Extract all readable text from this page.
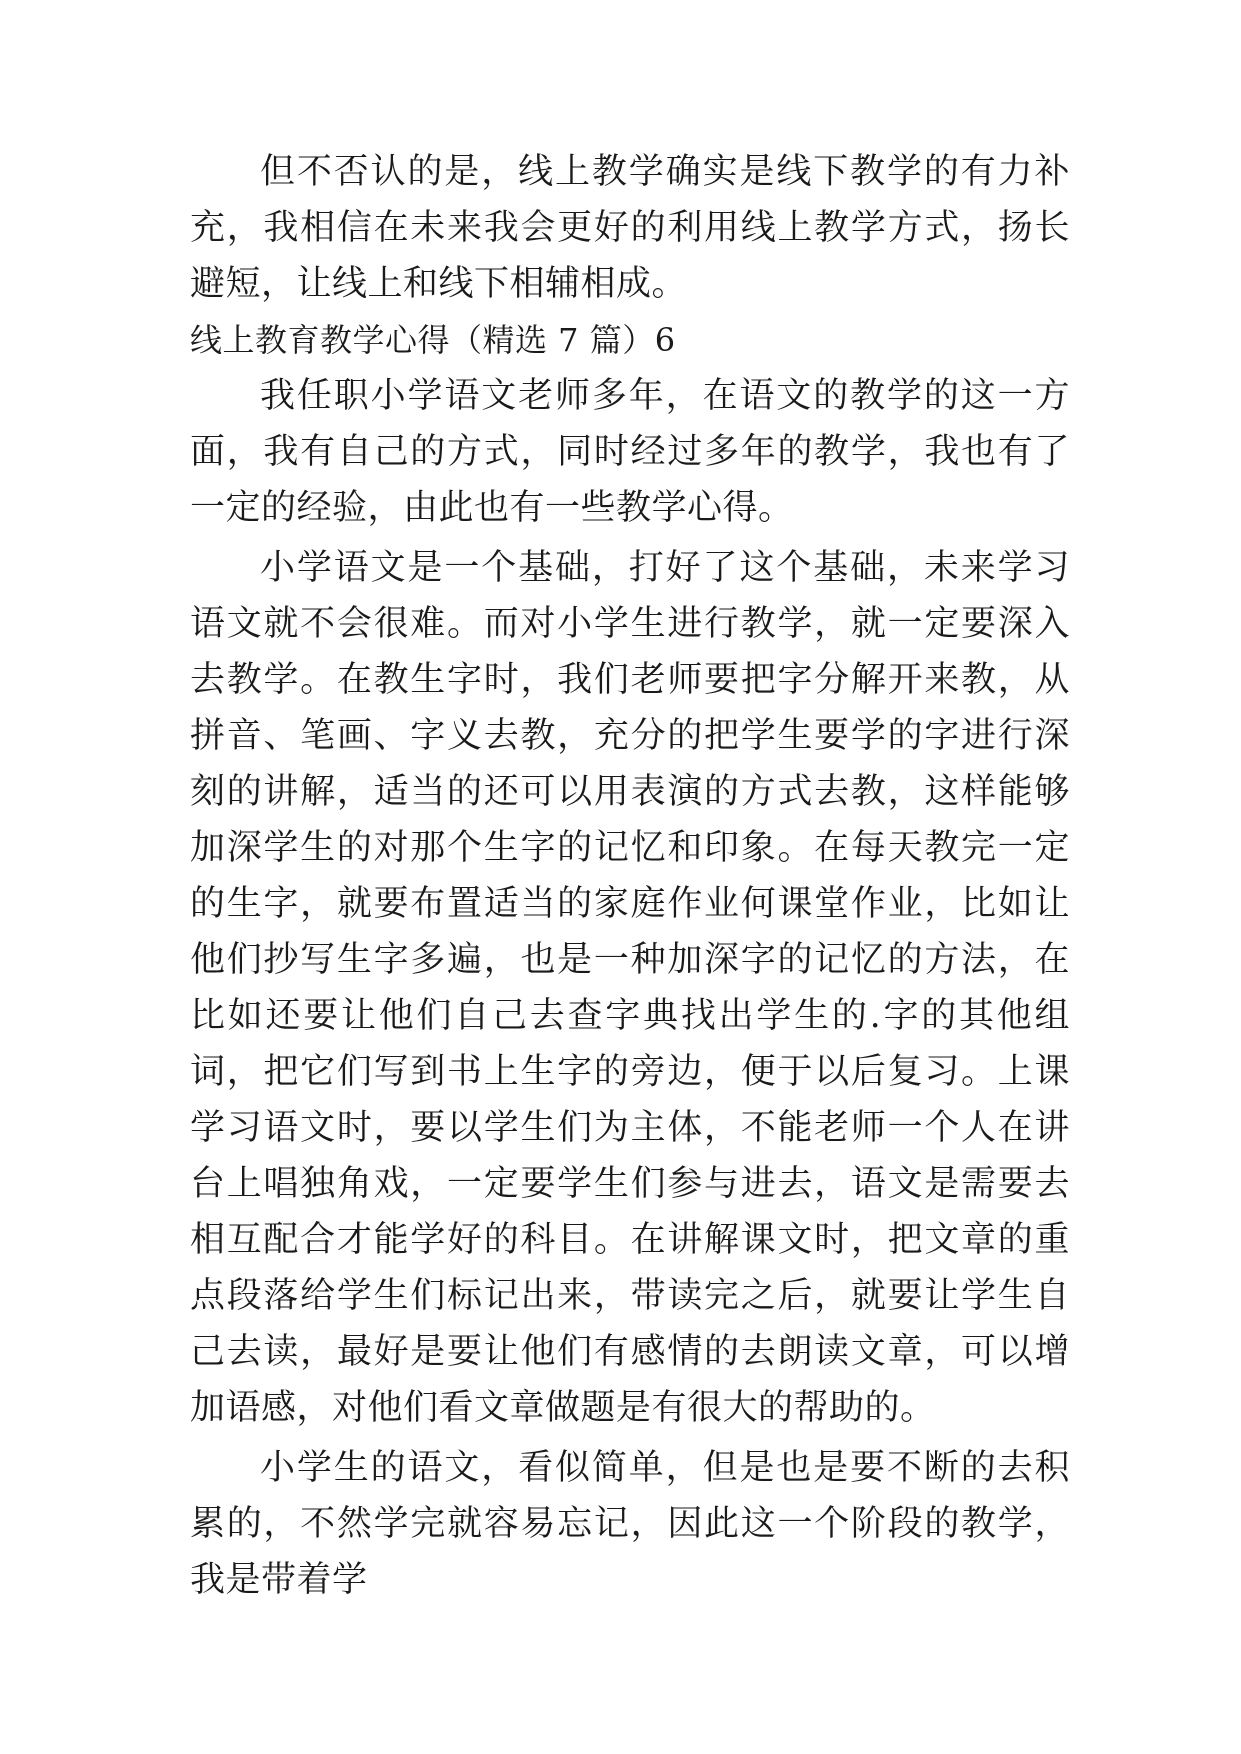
但不否认的是，线上教学确实是线下教学的有力补充，我相信在未来我会更好的利用线上教学方式，扬长避短，让线上和线下相辅相成。

线上教育教学心得（精选 7 篇）6

我任职小学语文老师多年，在语文的教学的这一方面，我有自己的方式，同时经过多年的教学，我也有了一定的经验，由此也有一些教学心得。

小学语文是一个基础，打好了这个基础，未来学习语文就不会很难。而对小学生进行教学，就一定要深入去教学。在教生字时，我们老师要把字分解开来教，从拼音、笔画、字义去教，充分的把学生要学的字进行深刻的讲解，适当的还可以用表演的方式去教，这样能够加深学生的对那个生字的记忆和印象。在每天教完一定的生字，就要布置适当的家庭作业何课堂作业，比如让他们抄写生字多遍，也是一种加深字的记忆的方法，在比如还要让他们自己去查字典找出学生的.字的其他组词，把它们写到书上生字的旁边，便于以后复习。上课学习语文时，要以学生们为主体，不能老师一个人在讲台上唱独角戏，一定要学生们参与进去，语文是需要去相互配合才能学好的科目。在讲解课文时，把文章的重点段落给学生们标记出来，带读完之后，就要让学生自己去读，最好是要让他们有感情的去朗读文章，可以增加语感，对他们看文章做题是有很大的帮助的。

小学生的语文，看似简单，但是也是要不断的去积累的，不然学完就容易忘记，因此这一个阶段的教学，我是带着学
